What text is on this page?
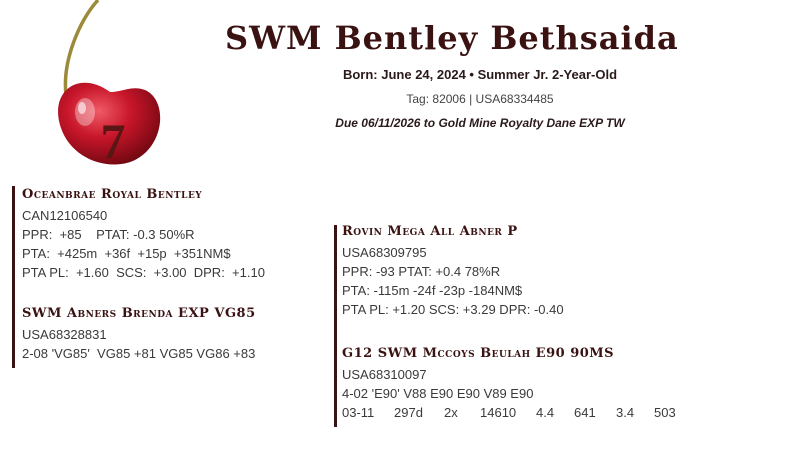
7
SWM Bentley Bethsaida
Born: June 24, 2024 • Summer Jr. 2-Year-Old
Tag: 82006 | USA68334485
Due 06/11/2026 to Gold Mine Royalty Dane EXP TW
Oceanbrae Royal Bentley
CAN12106540
PPR:  +85    PTAT: -0.3 50%R
PTA:  +425m  +36f  +15p  +351NM$
PTA PL:  +1.60  SCS:  +3.00  DPR:  +1.10
SWM Abners Brenda EXP VG85
USA68328831
2-08 'VG85'  VG85 +81 VG85 VG86 +83
Rovin Mega All Abner P
USA68309795
PPR: -93 PTAT: +0.4 78%R
PTA: -115m -24f -23p -184NM$
PTA PL: +1.20 SCS: +3.29 DPR: -0.40
G12 SWM Mccoys Beulah E90 90MS
USA68310097
4-02 'E90' V88 E90 E90 V89 E90
03-11	297d	2x	14610	4.4	641	3.4	503
